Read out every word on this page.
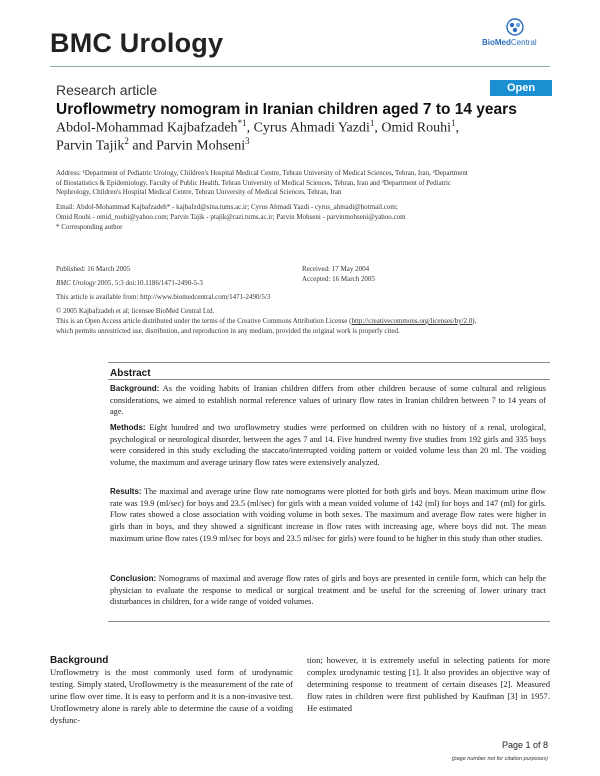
BMC Urology	BioMedCentral
Research article	Open Access
Uroflowmetry nomogram in Iranian children aged 7 to 14 years
Abdol-Mohammad Kajbafzadeh$^{*1}$, Cyrus Ahmadi Yazdi$^1$, Omid Rouhi$^1$,
Parvin Tajik$^2$ and Parvin Mohseni$^3$
Address: ¹Department of Pediatric Urology, Children's Hospital Medical Centre, Tehran University of Medical Sciences, Tehran, Iran, ²Department
of Biostatistics & Epidemiology, Faculty of Public Health, Tehran University of Medical Sciences, Tehran, Iran and ³Department of Pediatric
Nephrology, Children's Hospital Medical Centre, Tehran University of Medical Sciences, Tehran, Iran
Email: Abdol-Mohammad Kajbafzadeh* - kajbafzd@sina.tums.ac.ir; Cyrus Ahmadi Yazdi - cyrus_ahmadi@hotmail.com;
Omid Rouhi - omid_rouhi@yahoo.com; Parvin Tajik - ptajik@razi.tums.ac.ir; Parvin Mohseni - parvinmohseni@yahoo.com
* Corresponding author
Published: 16 March 2005
BMC Urology 2005, 5:3 doi:10.1186/1471-2490-5-3
Received: 17 May 2004
Accepted: 16 March 2005
This article is available from: http://www.biomedcentral.com/1471-2490/5/3
© 2005 Kajbafzadeh et al; licensee BioMed Central Ltd.
This is an Open Access article distributed under the terms of the Creative Commons Attribution License (http://creativecommons.org/licenses/by/2.0),
which permits unrestricted use, distribution, and reproduction in any medium, provided the original work is properly cited.
Abstract
Background: As the voiding habits of Iranian children differs from other children because of some cultural and religious considerations, we aimed to establish normal reference values of urinary flow rates in Iranian children between 7 to 14 years of age.
Methods: Eight hundred and two uroflowmetry studies were performed on children with no history of a renal, urological, psychological or neurological disorder, between the ages 7 and 14. Five hundred twenty five studies from 192 girls and 335 boys were considered in this study excluding the staccato/interrupted voiding pattern or voided volume less than 20 ml. The voiding volume, the maximum and average urinary flow rates were extensively analyzed.
Results: The maximal and average urine flow rate nomograms were plotted for both girls and boys. Mean maximum urine flow rate was 19.9 (ml/sec) for boys and 23.5 (ml/sec) for girls with a mean voided volume of 142 (ml) for boys and 147 (ml) for girls. Flow rates showed a close association with voiding volume in both sexes. The maximum and average flow rates were higher in girls than in boys, and they showed a significant increase in flow rates with increasing age, where boys did not. The mean maximum urine flow rates (19.9 ml/sec for boys and 23.5 ml/sec for girls) were found to be higher in this study than other studies.
Conclusion: Nomograms of maximal and average flow rates of girls and boys are presented in centile form, which can help the physician to evaluate the response to medical or surgical treatment and be useful for the screening of lower urinary tract disturbances in children, for a wide range of voided volumes.
Background
Uroflowmetry is the most commonly used form of urodynamic testing. Simply stated, Uroflowmetry is the measurement of the rate of urine flow over time. It is easy to perform and it is a non-invasive test. Uroflowmetry alone is rarely able to determine the cause of a voiding dysfunc-
tion; however, it is extremely useful in selecting patients for more complex urodynamic testing [1]. It also provides an objective way of determining response to treatment of certain diseases [2]. Measured flow rates in children were first published by Kaufman [3] in 1957. He estimated
Page 1 of 8
(page number not for citation purposes)
